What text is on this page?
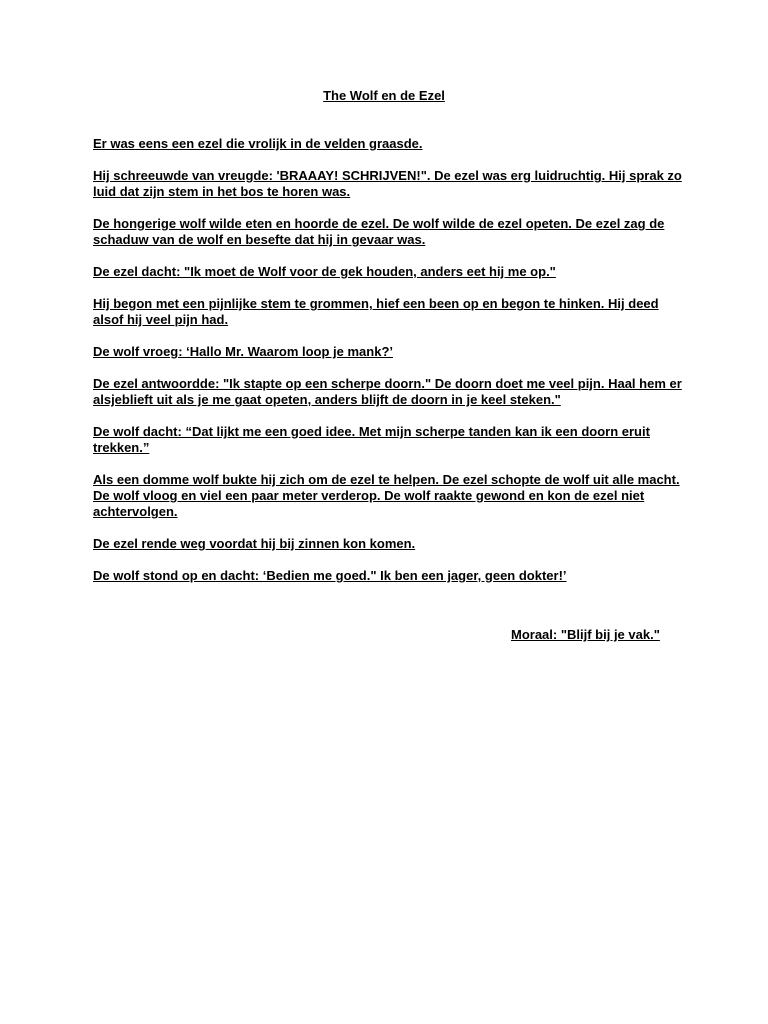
The Wolf en de Ezel

Er was eens een ezel die vrolijk in de velden graasde.

Hij schreeuwde van vreugde: 'BRAAAY! SCHRIJVEN!". De ezel was erg luidruchtig. Hij sprak zo luid dat zijn stem in het bos te horen was.

De hongerige wolf wilde eten en hoorde de ezel. De wolf wilde de ezel opeten. De ezel zag de schaduw van de wolf en besefte dat hij in gevaar was.

De ezel dacht: "Ik moet de Wolf voor de gek houden, anders eet hij me op."

Hij begon met een pijnlijke stem te grommen, hief een been op en begon te hinken. Hij deed alsof hij veel pijn had.

De wolf vroeg: ‘Hallo Mr. Waarom loop je mank?’

De ezel antwoordde: "Ik stapte op een scherpe doorn." De doorn doet me veel pijn. Haal hem er alsjeblieft uit als je me gaat opeten, anders blijft de doorn in je keel steken."

De wolf dacht: “Dat lijkt me een goed idee. Met mijn scherpe tanden kan ik een doorn eruit trekken.”

Als een domme wolf bukte hij zich om de ezel te helpen. De ezel schopte de wolf uit alle macht. De wolf vloog en viel een paar meter verderop. De wolf raakte gewond en kon de ezel niet achtervolgen.

De ezel rende weg voordat hij bij zinnen kon komen.

De wolf stond op en dacht: ‘Bedien me goed." Ik ben een jager, geen dokter!’

Moraal: "Blijf bij je vak."
